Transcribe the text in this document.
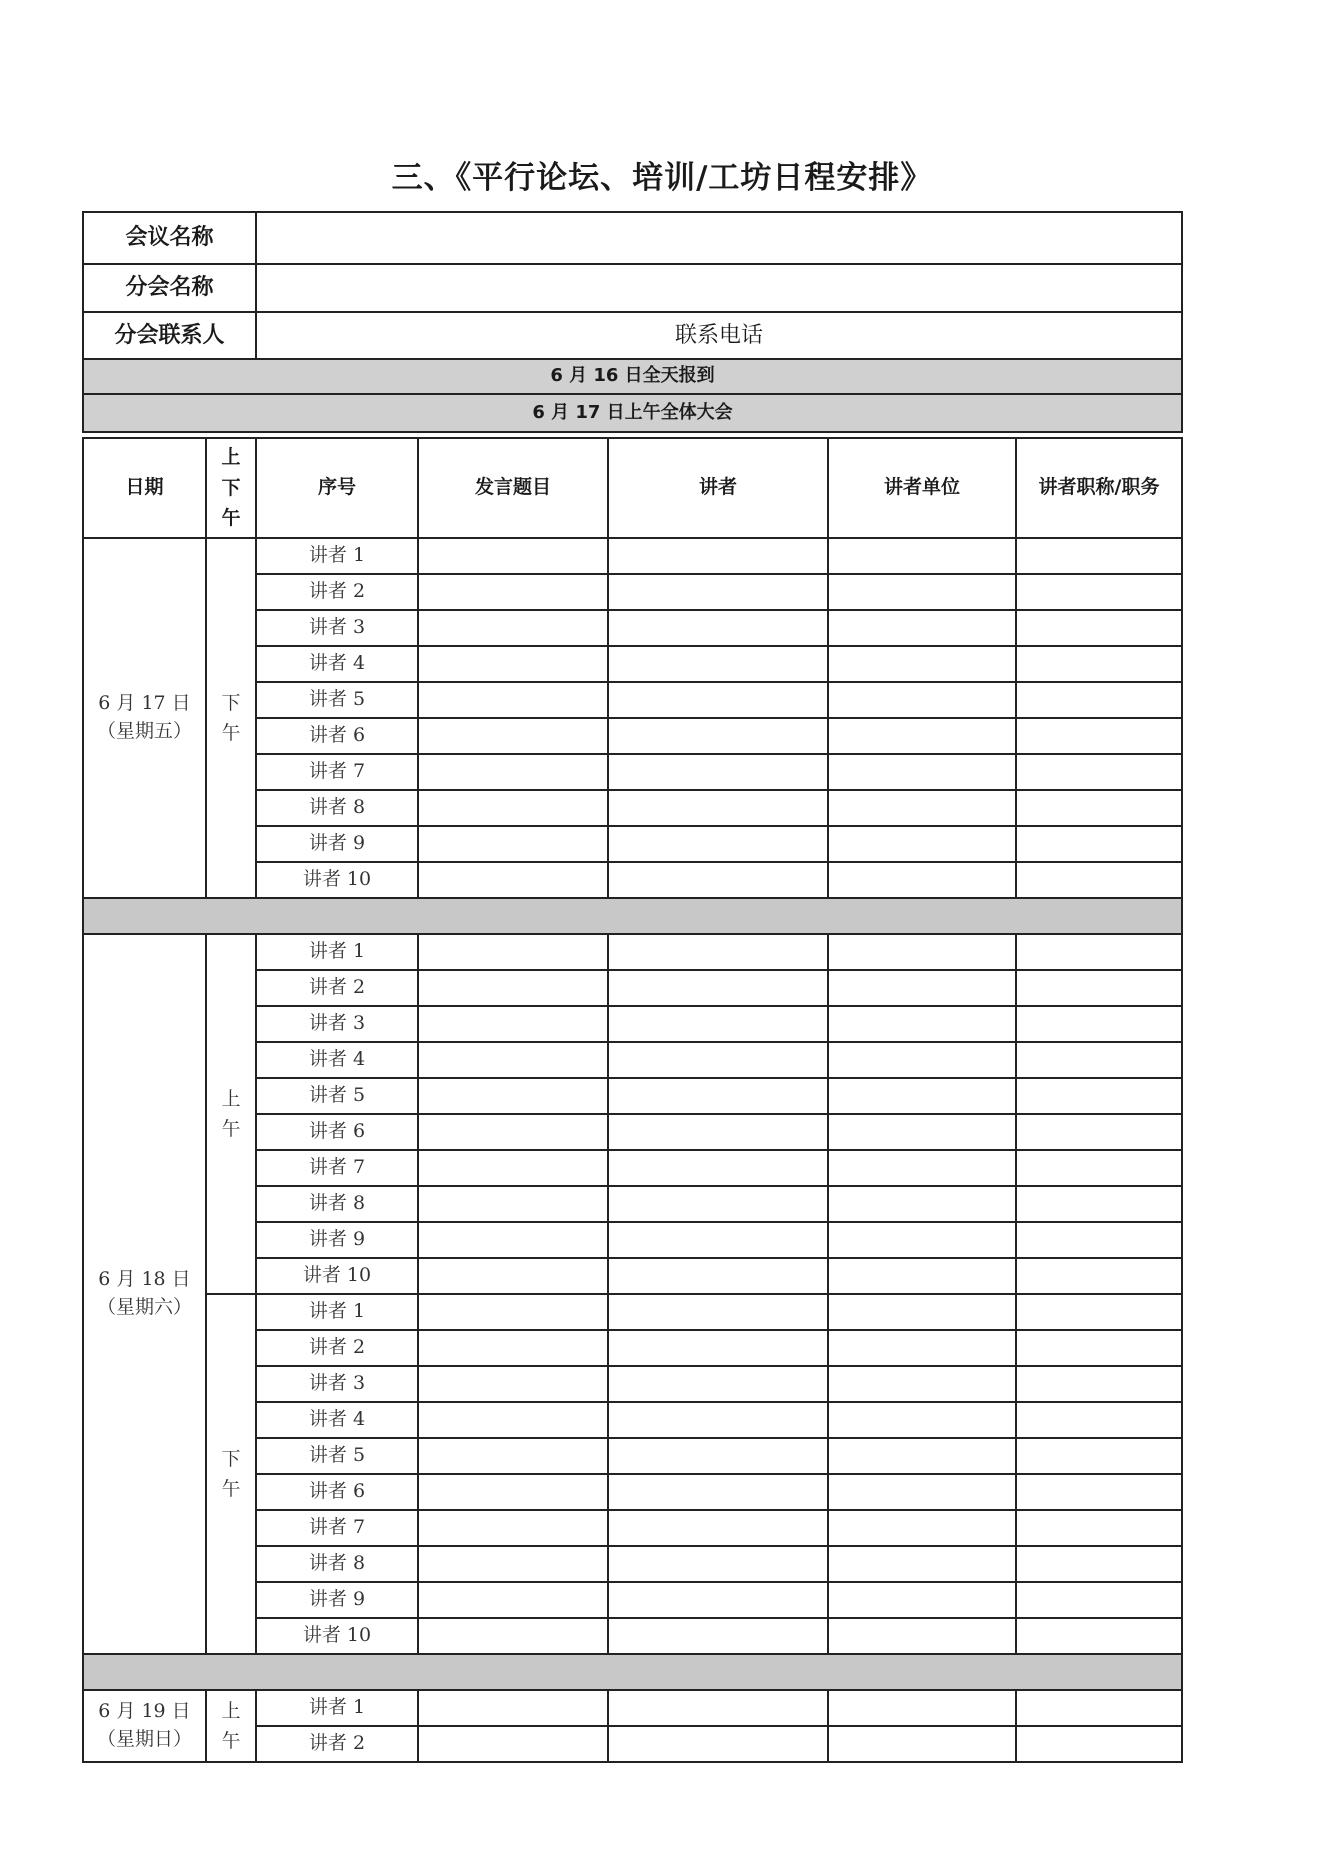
三、《平行论坛、培训/工坊日程安排》
会议名称	
分会名称	
分会联系人	联系电话
6 月 16 日全天报到	
6 月 17 日上午全体大会	
日期	上下午	序号	发言题目	讲者	讲者单位	讲者职称/职务

6 月 17 日
（星期五）	下午	讲者 1				
		讲者 2				
		讲者 3				
		讲者 4				
		讲者 5				
		讲者 6				
		讲者 7				
		讲者 8				
		讲者 9				
		讲者 10				

6 月 18 日
（星期六）	上午	讲者 1				
		讲者 2				
		讲者 3				
		讲者 4				
		讲者 5				
		讲者 6				
		讲者 7				
		讲者 8				
		讲者 9				
		讲者 10				
	下午	讲者 1				
		讲者 2				
		讲者 3				
		讲者 4				
		讲者 5				
		讲者 6				
		讲者 7				
		讲者 8				
		讲者 9				
		讲者 10				

6 月 19 日
（星期日）	上午	讲者 1				
		讲者 2				
